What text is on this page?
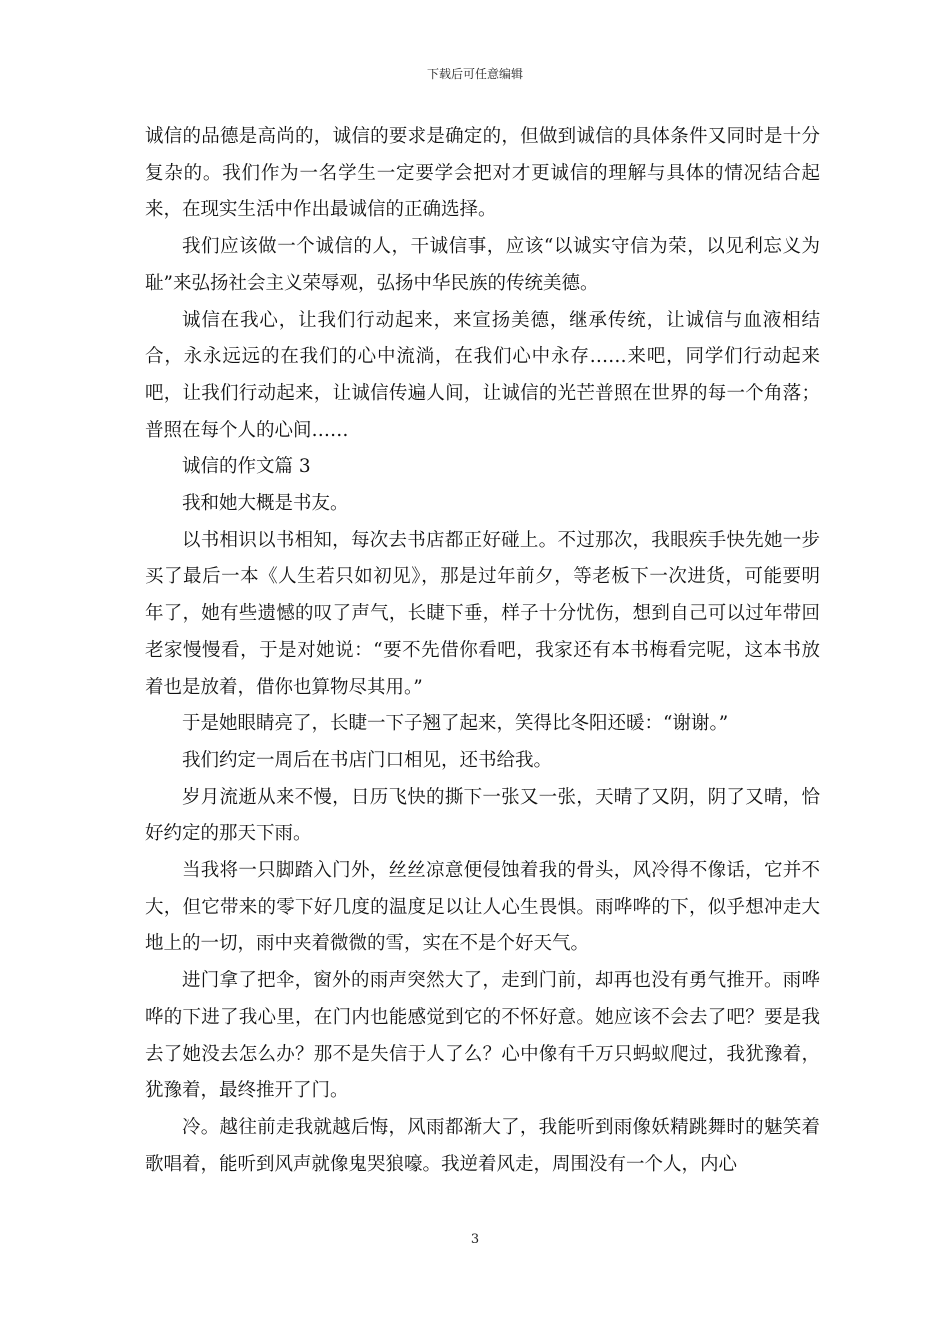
下载后可任意编辑

诚信的品德是高尚的，诚信的要求是确定的，但做到诚信的具体条件又同时是十分复杂的。我们作为一名学生一定要学会把对才更诚信的理解与具体的情况结合起来，在现实生活中作出最诚信的正确选择。

我们应该做一个诚信的人，干诚信事，应该“以诚实守信为荣，以见利忘义为耻”来弘扬社会主义荣辱观，弘扬中华民族的传统美德。

诚信在我心，让我们行动起来，来宣扬美德，继承传统，让诚信与血液相结合，永永远远的在我们的心中流淌，在我们心中永存……来吧，同学们行动起来吧，让我们行动起来，让诚信传遍人间，让诚信的光芒普照在世界的每一个角落；普照在每个人的心间……

诚信的作文篇 3

我和她大概是书友。

以书相识以书相知，每次去书店都正好碰上。不过那次，我眼疾手快先她一步买了最后一本《人生若只如初见》，那是过年前夕，等老板下一次进货，可能要明年了，她有些遗憾的叹了声气，长睫下垂，样子十分忧伤，想到自己可以过年带回老家慢慢看，于是对她说：“要不先借你看吧，我家还有本书梅看完呢，这本书放着也是放着，借你也算物尽其用。”

于是她眼睛亮了，长睫一下子翘了起来，笑得比冬阳还暖：“谢谢。”

我们约定一周后在书店门口相见，还书给我。

岁月流逝从来不慢，日历飞快的撕下一张又一张，天晴了又阴，阴了又晴，恰好约定的那天下雨。

当我将一只脚踏入门外，丝丝凉意便侵蚀着我的骨头，风冷得不像话，它并不大，但它带来的零下好几度的温度足以让人心生畏惧。雨哗哗的下，似乎想冲走大地上的一切，雨中夹着微微的雪，实在不是个好天气。

进门拿了把伞，窗外的雨声突然大了，走到门前，却再也没有勇气推开。雨哗哗的下进了我心里，在门内也能感觉到它的不怀好意。她应该不会去了吧？要是我去了她没去怎么办？那不是失信于人了么？心中像有千万只蚂蚁爬过，我犹豫着，犹豫着，最终推开了门。

冷。越往前走我就越后悔，风雨都渐大了，我能听到雨像妖精跳舞时的魅笑着歌唱着，能听到风声就像鬼哭狼嚎。我逆着风走，周围没有一个人，内心

3
